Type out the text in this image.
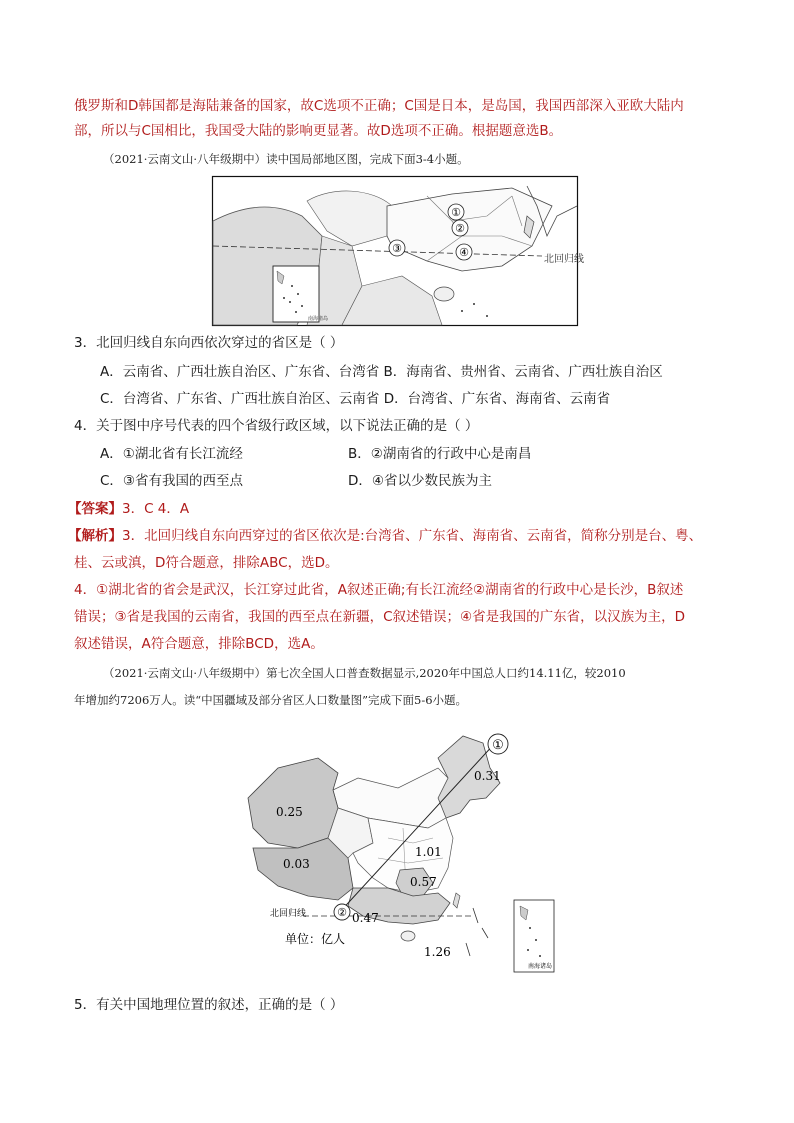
俄罗斯和D韩国都是海陆兼备的国家，故C选项不正确；C国是日本，是岛国，我国西部深入亚欧大陆内
部，所以与C国相比，我国受大陆的影响更显著。故D选项不正确。根据题意选B。
（2021·云南文山·八年级期中）读中国局部地区图，完成下面3-4小题。
①
②
③	④
北回归线
南海诸岛
3．北回归线自东向西依次穿过的省区是（ ）
A．云南省、广西壮族自治区、广东省、台湾省 B．海南省、贵州省、云南省、广西壮族自治区
C．台湾省、广东省、广西壮族自治区、云南省 D．台湾省、广东省、海南省、云南省
4．关于图中序号代表的四个省级行政区域，以下说法正确的是（ ）
A．①湖北省有长江流经	B．②湖南省的行政中心是南昌
C．③省有我国的西至点	D．④省以少数民族为主
【答案】3．C 4．A
【解析】3．北回归线自东向西穿过的省区依次是:台湾省、广东省、海南省、云南省，简称分别是台、粤、
桂、云或滇，D符合题意，排除ABC，选D。
4．①湖北省的省会是武汉，长江穿过此省，A叙述正确;有长江流经②湖南省的行政中心是长沙，B叙述
错误；③省是我国的云南省，我国的西至点在新疆，C叙述错误；④省是我国的广东省，以汉族为主，D
叙述错误，A符合题意，排除BCD，选A。
（2021·云南文山·八年级期中）第七次全国人口普查数据显示,2020年中国总人口约14.11亿，较2010
年增加约7206万人。读“中国疆域及部分省区人口数量图”完成下面5-6小题。
①
②
0.31
0.25
0.03
1.01
0.57
0.47
1.26
北回归线
单位：亿人
南海诸岛
5．有关中国地理位置的叙述，正确的是（ ）
